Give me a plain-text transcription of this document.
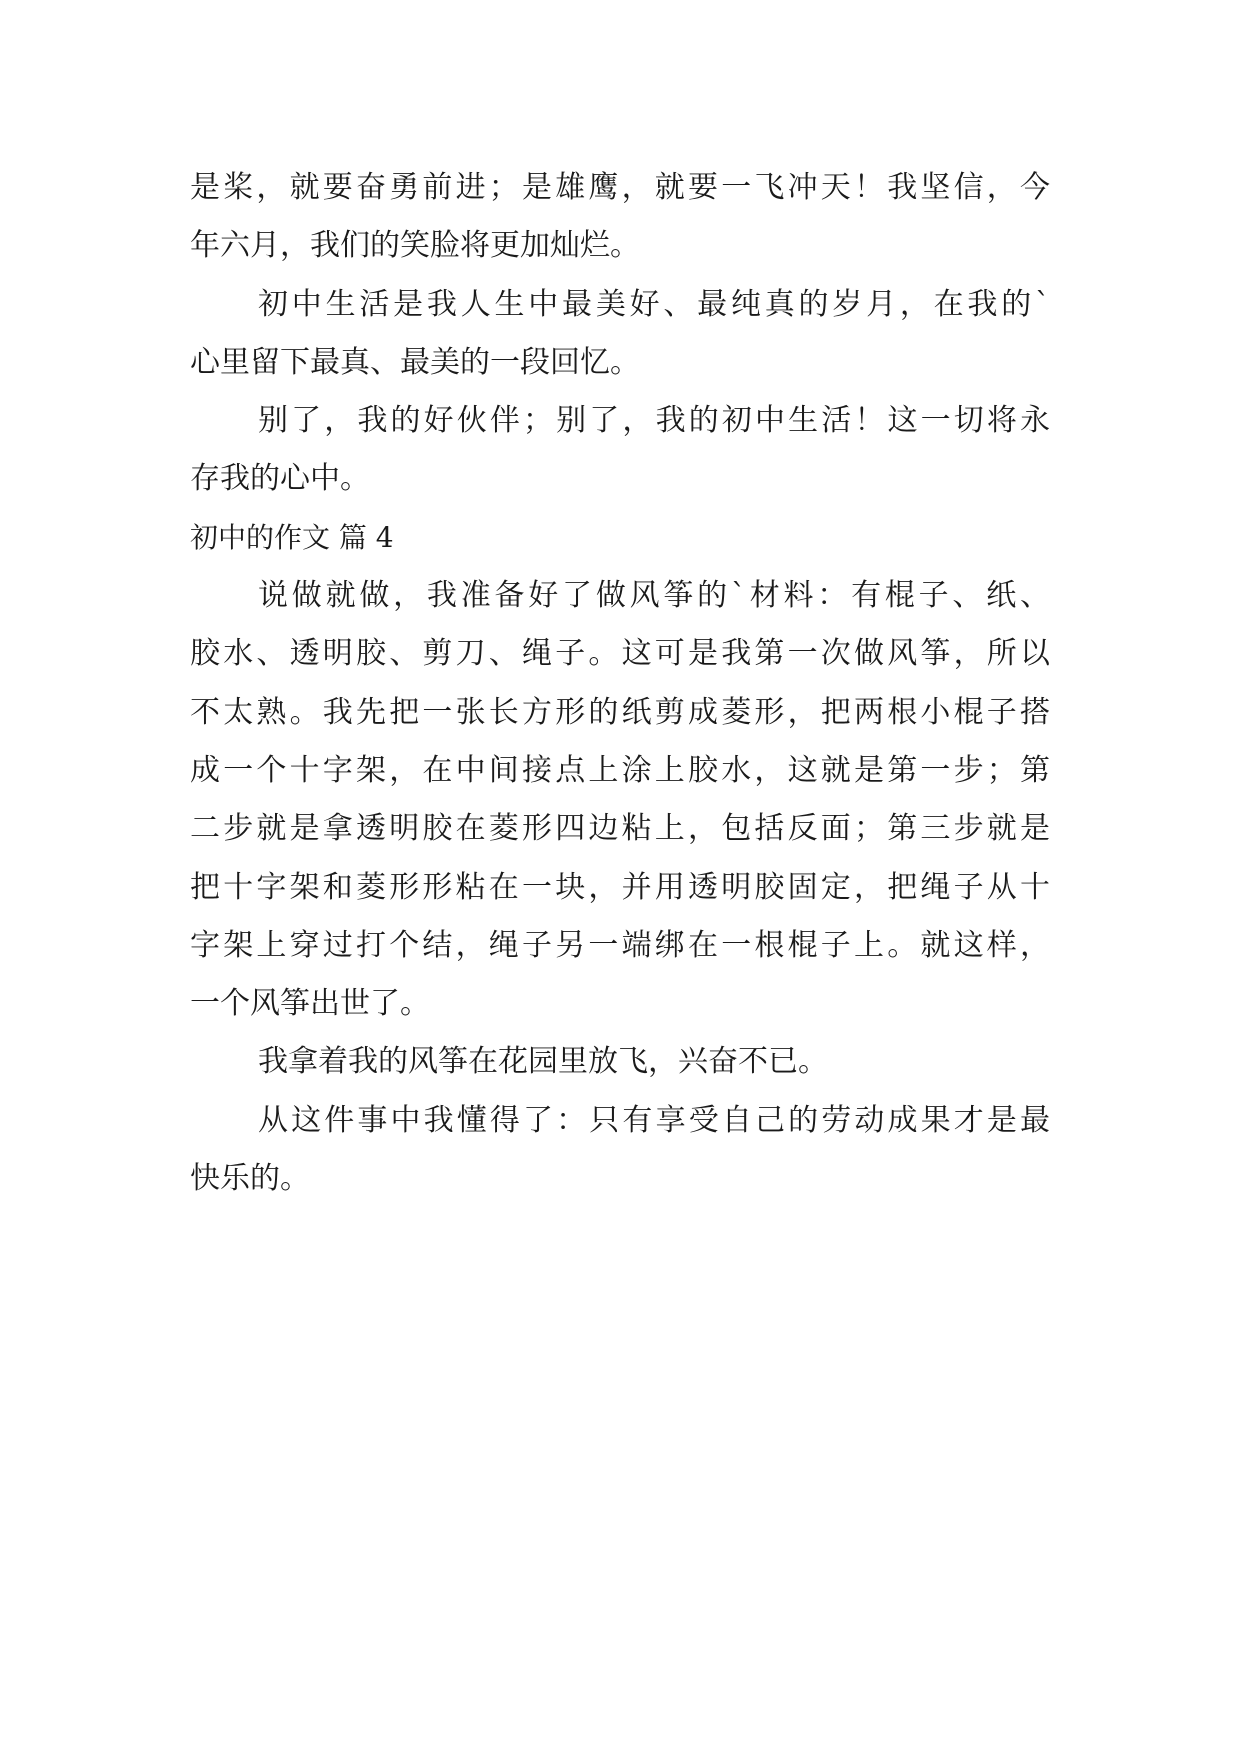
是桨，就要奋勇前进；是雄鹰，就要一飞冲天！我坚信，今
年六月，我们的笑脸将更加灿烂。
初中生活是我人生中最美好、最纯真的岁月，在我的`
心里留下最真、最美的一段回忆。
别了，我的好伙伴；别了，我的初中生活！这一切将永
存我的心中。
初中的作文 篇 4
说做就做，我准备好了做风筝的`材料：有棍子、纸、
胶水、透明胶、剪刀、绳子。这可是我第一次做风筝，所以
不太熟。我先把一张长方形的纸剪成菱形，把两根小棍子搭
成一个十字架，在中间接点上涂上胶水，这就是第一步；第
二步就是拿透明胶在菱形四边粘上，包括反面；第三步就是
把十字架和菱形形粘在一块，并用透明胶固定，把绳子从十
字架上穿过打个结，绳子另一端绑在一根棍子上。就这样，
一个风筝出世了。
我拿着我的风筝在花园里放飞，兴奋不已。
从这件事中我懂得了：只有享受自己的劳动成果才是最
快乐的。
